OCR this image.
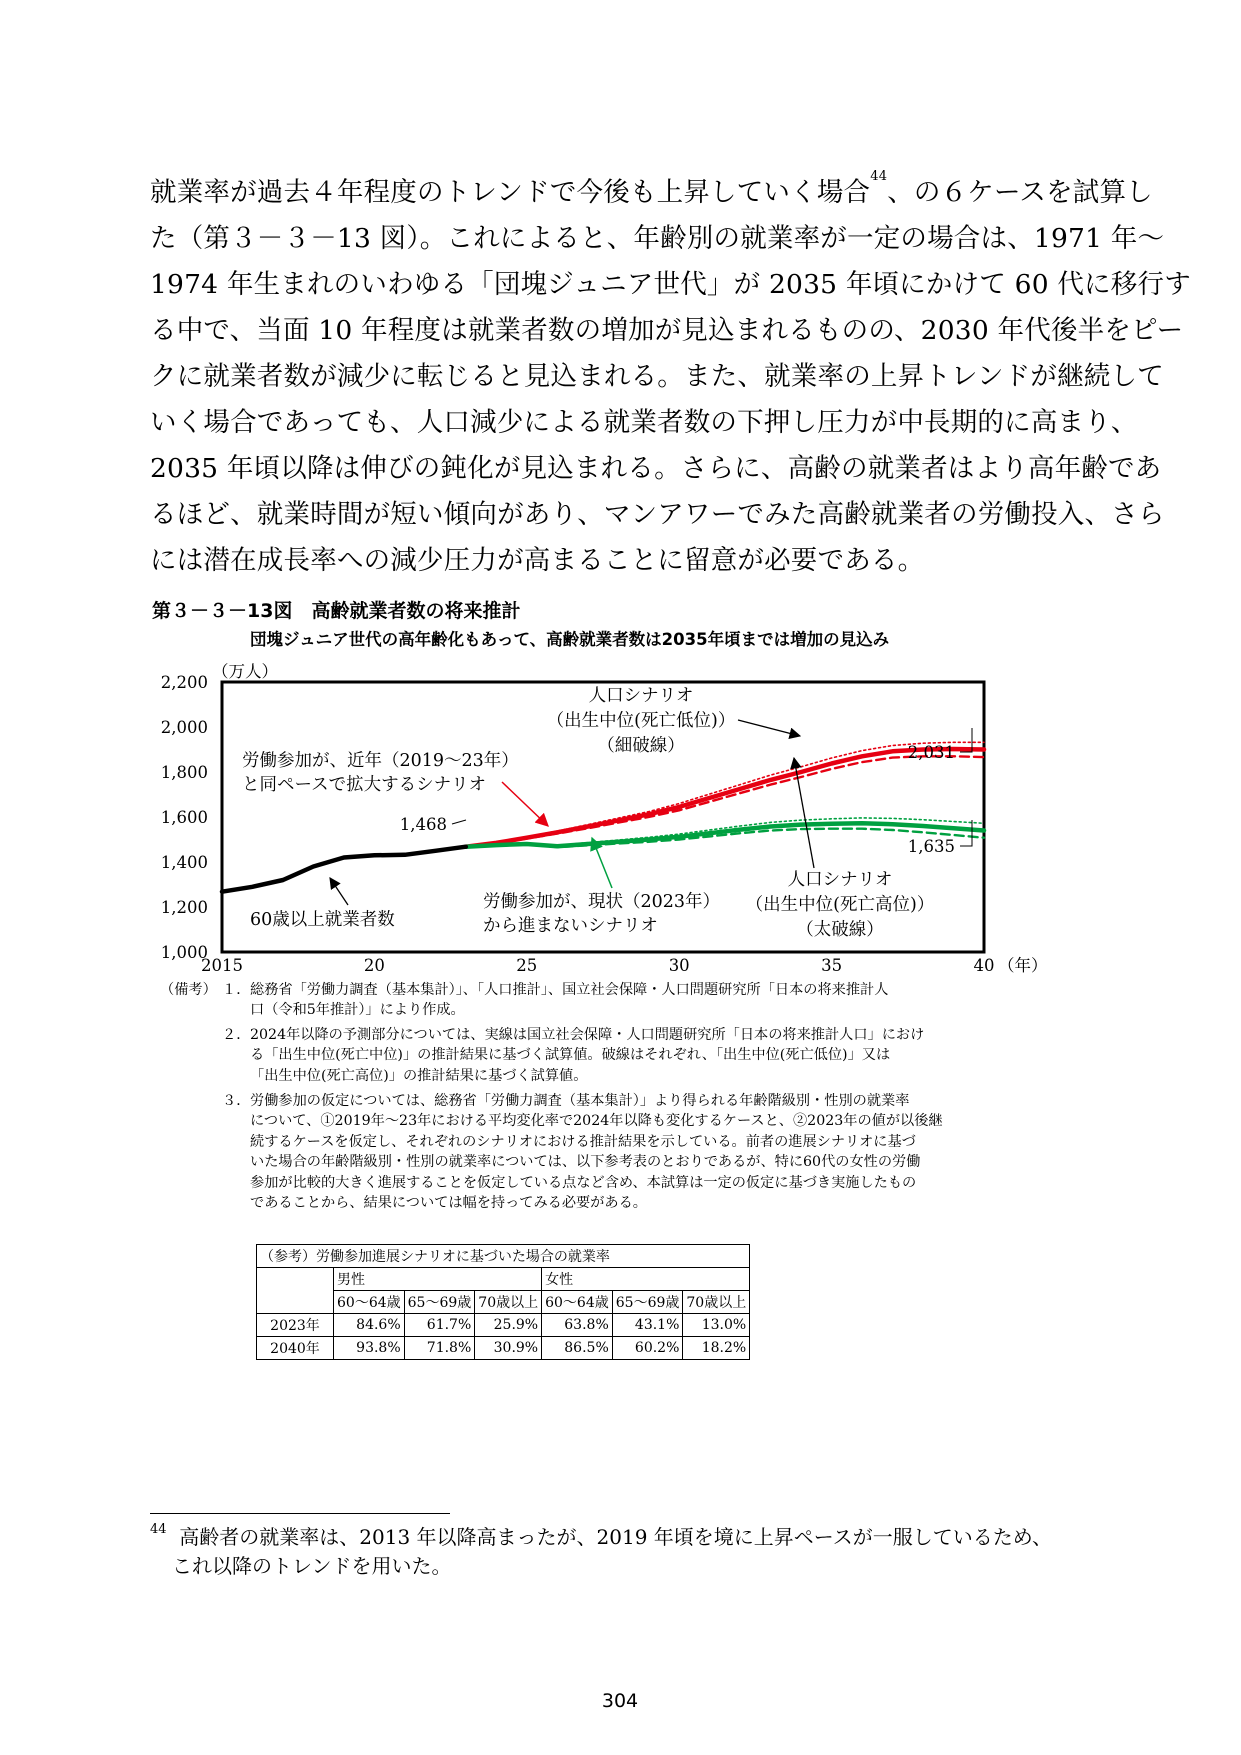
就業率が過去４年程度のトレンドで今後も上昇していく場合$^{44}$、の６ケースを試算し

た（第３－３－13 図）。これによると、年齢別の就業率が一定の場合は、1971 年～

1974 年生まれのいわゆる「団塊ジュニア世代」が 2035 年頃にかけて 60 代に移行す

る中で、当面 10 年程度は就業者数の増加が見込まれるものの、2030 年代後半をピー

クに就業者数が減少に転じると見込まれる。また、就業率の上昇トレンドが継続して

いく場合であっても、人口減少による就業者数の下押し圧力が中長期的に高まり、

2035 年頃以降は伸びの鈍化が見込まれる。さらに、高齢の就業者はより高年齢であ

るほど、就業時間が短い傾向があり、マンアワーでみた高齢就業者の労働投入、さら

には潜在成長率への減少圧力が高まることに留意が必要である。

第３－３－13図　高齢就業者数の将来推計
団塊ジュニア世代の高年齢化もあって、高齢就業者数は2035年頃までは増加の見込み
1,000
1,200
1,400
1,600
1,800
2,000
2,200
（万人）
2015	20	25	30	35	40 （年）
1,468
2,031
1,635
60歳以上就業者数
労働参加が、近年（2019～23年）
と同ペースで拡大するシナリオ
労働参加が、現状（2023年）
から進まないシナリオ
人口シナリオ
（出生中位(死亡低位)）
（細破線）
人口シナリオ
（出生中位(死亡高位)）
（太破線）
（備考） １．総務省「労働力調査（基本集計）」、「人口推計」、国立社会保障・人口問題研究所「日本の将来推計人

口（令和5年推計）」により作成。

２．2024年以降の予測部分については、実線は国立社会保障・人口問題研究所「日本の将来推計人口」におけ

る「出生中位(死亡中位)」の推計結果に基づく試算値。破線はそれぞれ、「出生中位(死亡低位)」又は

「出生中位(死亡高位)」の推計結果に基づく試算値。

３．労働参加の仮定については、総務省「労働力調査（基本集計）」より得られる年齢階級別・性別の就業率

について、①2019年～23年における平均変化率で2024年以降も変化するケースと、②2023年の値が以後継

続するケースを仮定し、それぞれのシナリオにおける推計結果を示している。前者の進展シナリオに基づ

いた場合の年齢階級別・性別の就業率については、以下参考表のとおりであるが、特に60代の女性の労働

参加が比較的大きく進展することを仮定している点など含め、本試算は一定の仮定に基づき実施したもの

であることから、結果については幅を持ってみる必要がある。

（参考）労働参加進展シナリオに基づいた場合の就業率						
	男性			女性		
	60～64歳	65～69歳	70歳以上	60～64歳	65～69歳	70歳以上
2023年	84.6%	61.7%	25.9%	63.8%	43.1%	13.0%
2040年	93.8%	71.8%	30.9%	86.5%	60.2%	18.2%

$^{44}$ 高齢者の就業率は、2013 年以降高まったが、2019 年頃を境に上昇ペースが一服しているため、

これ以降のトレンドを用いた。

304
